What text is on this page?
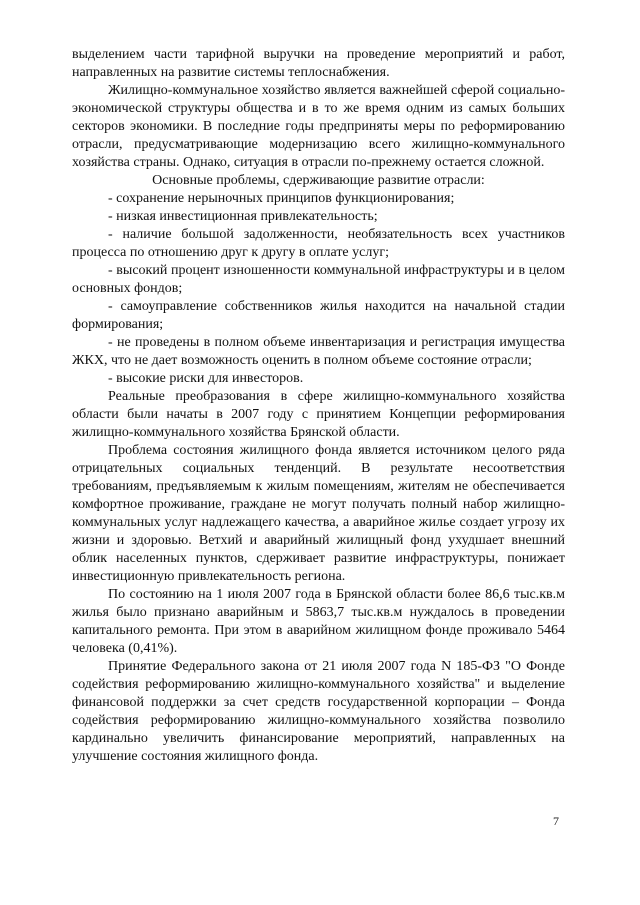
выделением части тарифной выручки на проведение мероприятий и работ, направленных на развитие системы теплоснабжения.

Жилищно-коммунальное хозяйство является важнейшей сферой социально-экономической структуры общества и в то же время одним из самых больших секторов экономики. В последние годы предприняты меры по реформированию отрасли, предусматривающие модернизацию всего жилищно-коммунального хозяйства страны. Однако, ситуация в отрасли по-прежнему остается сложной.

Основные проблемы, сдерживающие развитие отрасли:

- сохранение нерыночных принципов функционирования;

- низкая инвестиционная привлекательность;

- наличие большой задолженности, необязательность всех участников процесса по отношению друг к другу в оплате услуг;

- высокий процент изношенности коммунальной инфраструктуры и в целом основных фондов;

- самоуправление собственников жилья находится на начальной стадии формирования;

- не проведены в полном объеме инвентаризация и регистрация имущества ЖКХ, что не дает возможность оценить в полном объеме состояние отрасли;

- высокие риски для инвесторов.

Реальные преобразования в сфере жилищно-коммунального хозяйства области были начаты в 2007 году с принятием Концепции реформирования жилищно-коммунального хозяйства Брянской области.

Проблема состояния жилищного фонда является источником целого ряда отрицательных социальных тенденций. В результате несоответствия требованиям, предъявляемым к жилым помещениям, жителям не обеспечивается комфортное проживание, граждане не могут получать полный набор жилищно-коммунальных услуг надлежащего качества, а аварийное жилье создает угрозу их жизни и здоровью. Ветхий и аварийный жилищный фонд ухудшает внешний облик населенных пунктов, сдерживает развитие инфраструктуры, понижает инвестиционную привлекательность региона.

По состоянию на 1 июля 2007 года в Брянской области более 86,6 тыс.кв.м жилья было признано аварийным и 5863,7 тыс.кв.м нуждалось в проведении капитального ремонта. При этом в аварийном жилищном фонде проживало 5464 человека (0,41%).

Принятие Федерального закона от 21 июля 2007 года N 185-ФЗ "О Фонде содействия реформированию жилищно-коммунального хозяйства" и выделение финансовой поддержки за счет средств государственной корпорации – Фонда содействия реформированию жилищно-коммунального хозяйства позволило кардинально увеличить финансирование мероприятий, направленных на улучшение состояния жилищного фонда.

7
